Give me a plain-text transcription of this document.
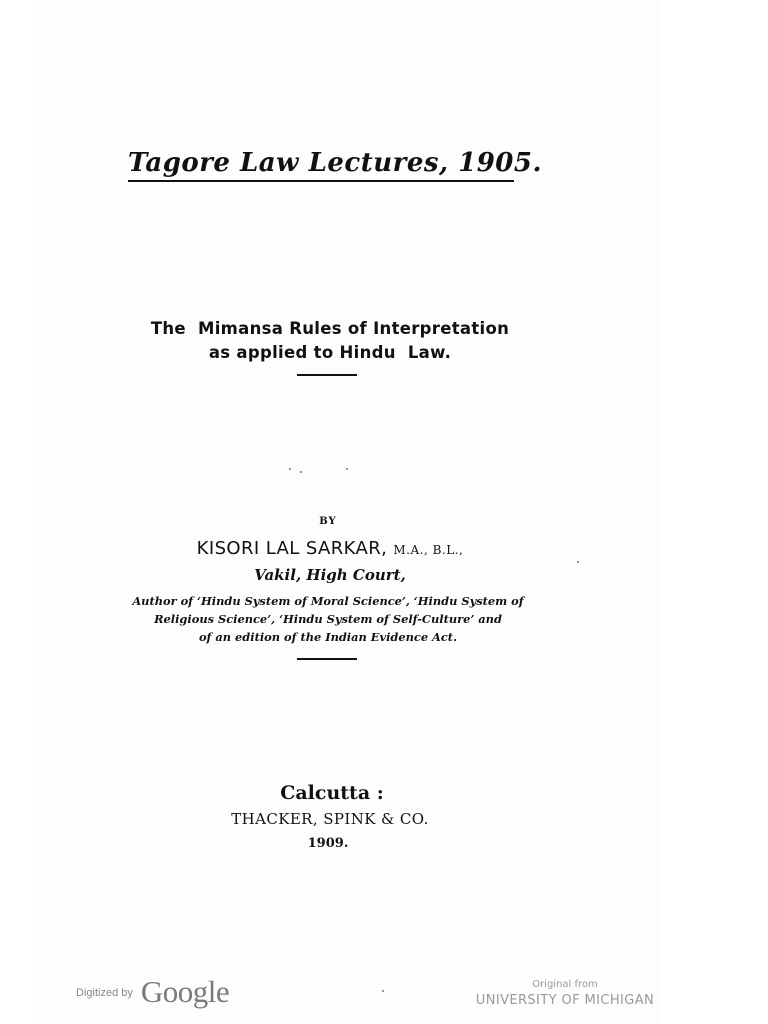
Tagore Law Lectures, 1905.
The  Mimansa Rules of Interpretation
as applied to Hindu  Law.
BY
KISORI LAL SARKAR, M.A., B.L.,
Vakil, High Court,
Author of ‘Hindu System of Moral Science’, ‘Hindu System of
Religious Science’, ‘Hindu System of Self-Culture’ and
of an edition of the Indian Evidence Act.
Calcutta :
THACKER, SPINK & CO.
1909.
$^{Digitized by}$ Google	Original from
UNIVERSITY OF MICHIGAN
